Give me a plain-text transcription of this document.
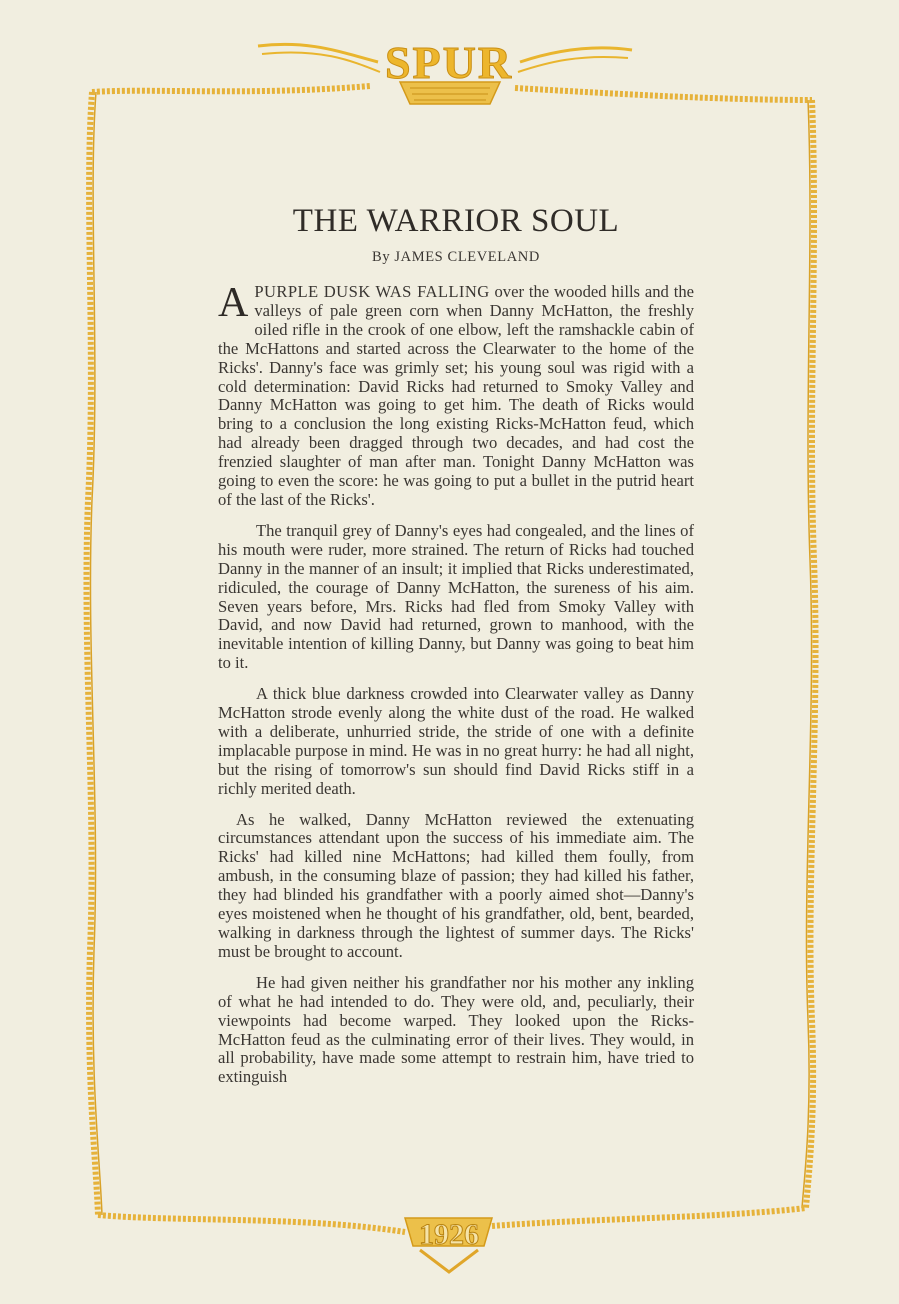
SPUR
1926
THE WARRIOR SOUL
By JAMES CLEVELAND

APURPLE DUSK WAS FALLING over the wooded hills and the valleys of pale green corn when Danny McHatton, the freshly oiled rifle in the crook of one elbow, left the ramshackle cabin of the McHattons and started across the Clearwater to the home of the Ricks'. Danny's face was grimly set; his young soul was rigid with a cold determination: David Ricks had returned to Smoky Valley and Danny McHatton was going to get him. The death of Ricks would bring to a conclusion the long existing Ricks-McHatton feud, which had already been dragged through two decades, and had cost the frenzied slaughter of man after man. Tonight Danny McHatton was going to even the score: he was going to put a bullet in the putrid heart of the last of the Ricks'.

The tranquil grey of Danny's eyes had congealed, and the lines of his mouth were ruder, more strained. The return of Ricks had touched Danny in the manner of an insult; it implied that Ricks underestimated, ridiculed, the courage of Danny McHatton, the sureness of his aim. Seven years before, Mrs. Ricks had fled from Smoky Valley with David, and now David had returned, grown to manhood, with the inevitable intention of killing Danny, but Danny was going to beat him to it.

A thick blue darkness crowded into Clearwater valley as Danny McHatton strode evenly along the white dust of the road. He walked with a deliberate, unhurried stride, the stride of one with a definite implacable purpose in mind. He was in no great hurry: he had all night, but the rising of tomorrow's sun should find David Ricks stiff in a richly merited death.

As he walked, Danny McHatton reviewed the extenuating circumstances attendant upon the success of his immediate aim. The Ricks' had killed nine McHattons; had killed them foully, from ambush, in the consuming blaze of passion; they had killed his father, they had blinded his grandfather with a poorly aimed shot—Danny's eyes moistened when he thought of his grandfather, old, bent, bearded, walking in darkness through the lightest of summer days. The Ricks' must be brought to account.

He had given neither his grandfather nor his mother any inkling of what he had intended to do. They were old, and, peculiarly, their viewpoints had become warped. They looked upon the Ricks-McHatton feud as the culminating error of their lives. They would, in all probability, have made some attempt to restrain him, have tried to extinguish
